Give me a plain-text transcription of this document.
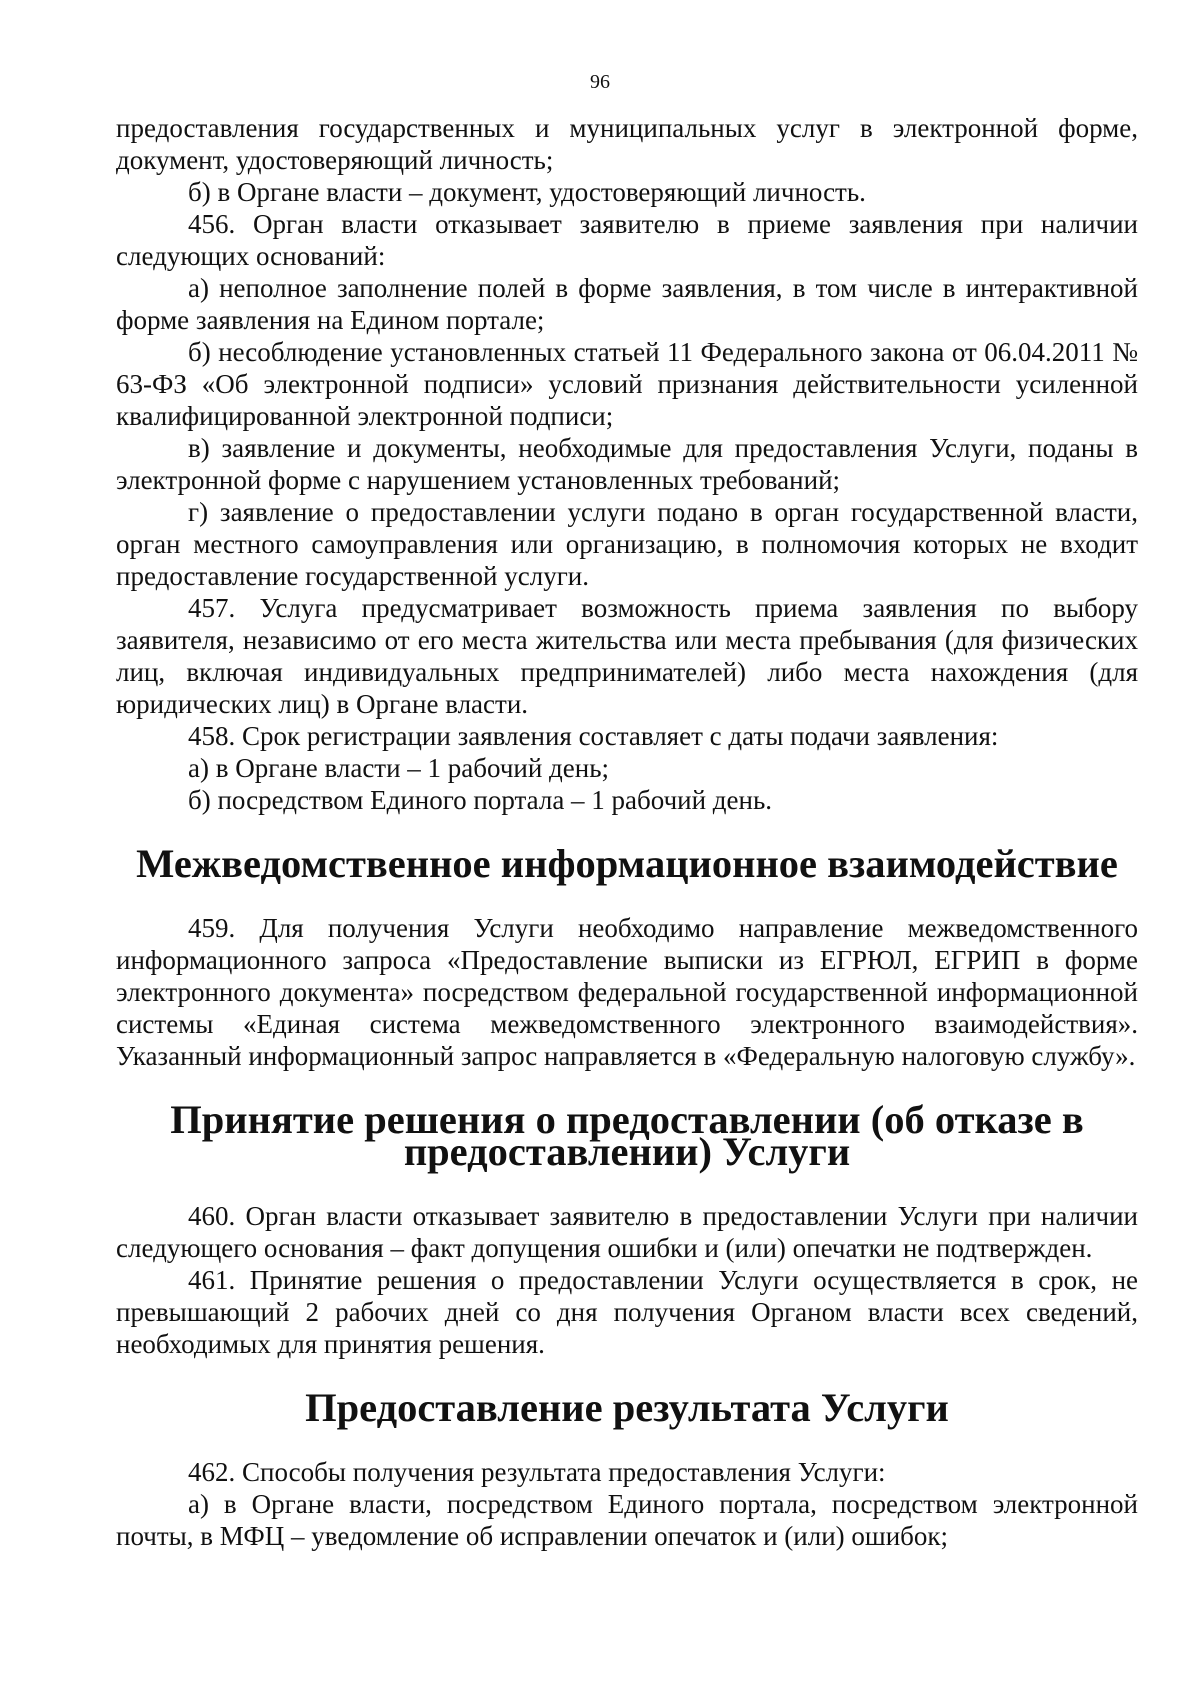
96

предоставления государственных и муниципальных услуг в электронной форме, документ, удостоверяющий личность;

б) в Органе власти – документ, удостоверяющий личность.

456. Орган власти отказывает заявителю в приеме заявления при наличии следующих оснований:

а) неполное заполнение полей в форме заявления, в том числе в интерактивной форме заявления на Едином портале;

б) несоблюдение установленных статьей 11 Федерального закона от 06.04.2011 № 63-ФЗ «Об электронной подписи» условий признания действительности усиленной квалифицированной электронной подписи;

в) заявление и документы, необходимые для предоставления Услуги, поданы в электронной форме с нарушением установленных требований;

г) заявление о предоставлении услуги подано в орган государственной власти, орган местного самоуправления или организацию, в полномочия которых не входит предоставление государственной услуги.

457. Услуга предусматривает возможность приема заявления по выбору заявителя, независимо от его места жительства или места пребывания (для физических лиц, включая индивидуальных предпринимателей) либо места нахождения (для юридических лиц) в Органе власти.

458. Срок регистрации заявления составляет с даты подачи заявления:

а) в Органе власти – 1 рабочий день;

б) посредством Единого портала – 1 рабочий день.

Межведомственное информационное взаимодействие

459. Для получения Услуги необходимо направление межведомственного информационного запроса «Предоставление выписки из ЕГРЮЛ, ЕГРИП в форме электронного документа» посредством федеральной государственной информационной системы «Единая система межведомственного электронного взаимодействия». Указанный информационный запрос направляется в «Федеральную налоговую службу».

Принятие решения о предоставлении (об отказе в предоставлении) Услуги

460. Орган власти отказывает заявителю в предоставлении Услуги при наличии следующего основания – факт допущения ошибки и (или) опечатки не подтвержден.

461. Принятие решения о предоставлении Услуги осуществляется в срок, не превышающий 2 рабочих дней со дня получения Органом власти всех сведений, необходимых для принятия решения.

Предоставление результата Услуги

462. Способы получения результата предоставления Услуги:

а) в Органе власти, посредством Единого портала, посредством электронной почты, в МФЦ – уведомление об исправлении опечаток и (или) ошибок;
